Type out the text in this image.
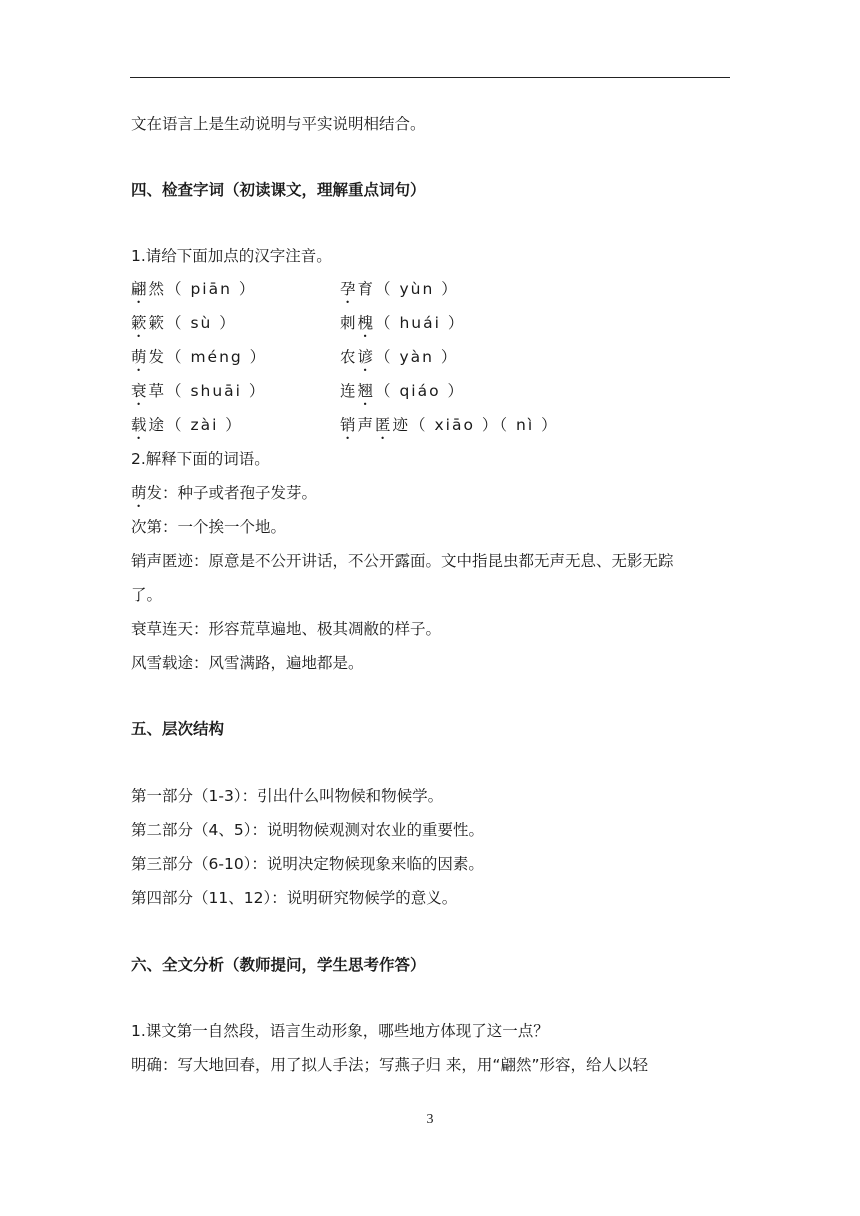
文在语言上是生动说明与平实说明相结合。
四、检查字词（初读课文，理解重点词句）
1.请给下面加点的汉字注音。
翩然（ piān ）	孕育（ yùn ）
簌簌（ sù ）	刺槐（ huái ）
萌发（ méng ）	农谚（ yàn ）
衰草（ shuāi ）	连翘（ qiáo ）
载途（ zài ）	销声匿迹（ xiāo ）（ nì ）
2.解释下面的词语。
萌发：种子或者孢子发芽。
次第：一个挨一个地。
销声匿迹：原意是不公开讲话，不公开露面。文中指昆虫都无声无息、无影无踪
了。
衰草连天：形容荒草遍地、极其凋敝的样子。
风雪载途：风雪满路，遍地都是。
五、层次结构
第一部分（1-3）：引出什么叫物候和物候学。
第二部分（4、5）：说明物候观测对农业的重要性。
第三部分（6-10）：说明决定物候现象来临的因素。
第四部分（11、12）：说明研究物候学的意义。
六、全文分析（教师提问，学生思考作答）
1.课文第一自然段，语言生动形象，哪些地方体现了这一点？
明确：写大地回春，用了拟人手法；写燕子归 来，用“翩然”形容，给人以轻
3
